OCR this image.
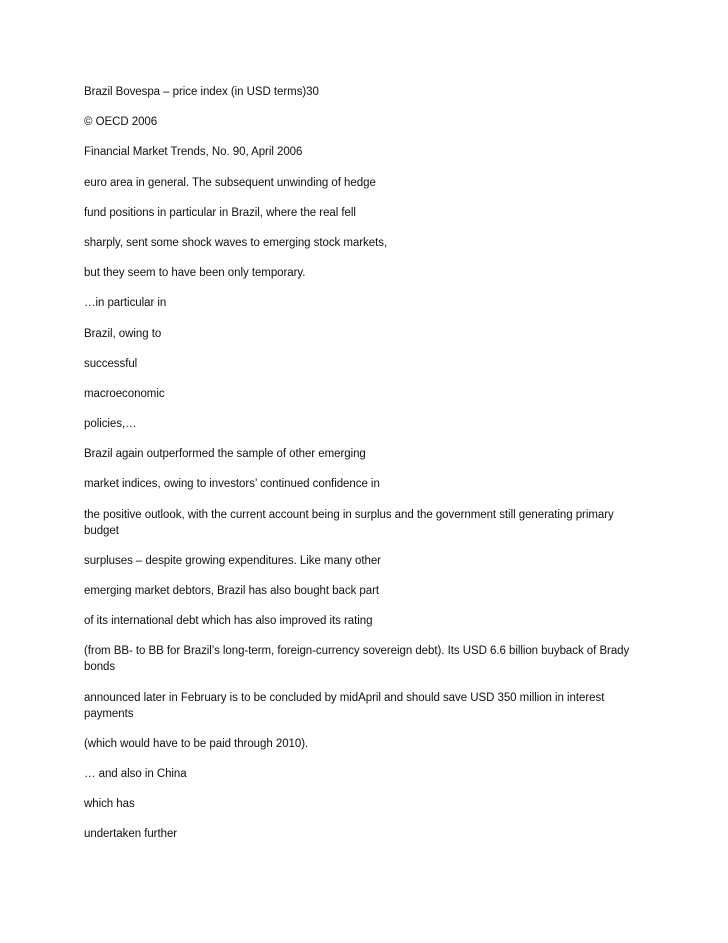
Brazil Bovespa – price index (in USD terms)30

© OECD 2006

Financial Market Trends, No. 90, April 2006

euro area in general. The subsequent unwinding of hedge

fund positions in particular in Brazil, where the real fell

sharply, sent some shock waves to emerging stock markets,

but they seem to have been only temporary.

…in particular in

Brazil, owing to

successful

macroeconomic

policies,…

Brazil again outperformed the sample of other emerging

market indices, owing to investors’ continued confidence in

the positive outlook, with the current account being in surplus and the government still generating primary budget

surpluses – despite growing expenditures. Like many other

emerging market debtors, Brazil has also bought back part

of its international debt which has also improved its rating

(from BB- to BB for Brazil’s long-term, foreign-currency sovereign debt). Its USD 6.6 billion buyback of Brady bonds

announced later in February is to be concluded by midApril and should save USD 350 million in interest payments

(which would have to be paid through 2010).

… and also in China

which has

undertaken further
